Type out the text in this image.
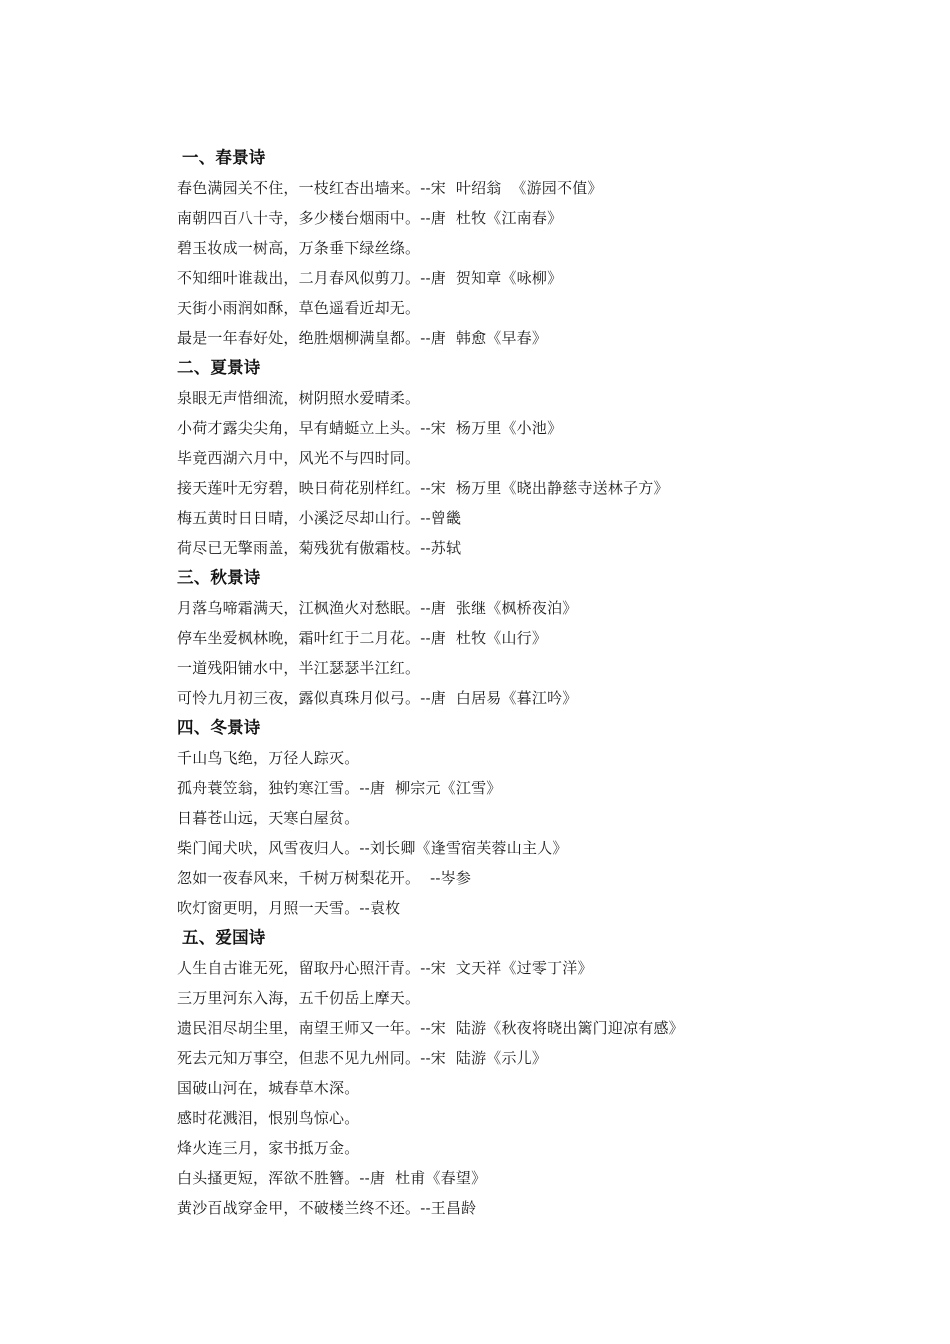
一、春景诗
春色满园关不住，一枝红杏出墙来。--宋  叶绍翁  《游园不值》
南朝四百八十寺，多少楼台烟雨中。--唐  杜牧《江南春》
碧玉妆成一树高，万条垂下绿丝绦。
不知细叶谁裁出，二月春风似剪刀。--唐  贺知章《咏柳》
天街小雨润如酥，草色遥看近却无。
最是一年春好处，绝胜烟柳满皇都。--唐  韩愈《早春》
二、夏景诗
泉眼无声惜细流，树阴照水爱晴柔。
小荷才露尖尖角，早有蜻蜓立上头。--宋  杨万里《小池》
毕竟西湖六月中，风光不与四时同。
接天莲叶无穷碧，映日荷花别样红。--宋  杨万里《晓出静慈寺送林子方》
梅五黄时日日晴，小溪泛尽却山行。--曾畿
荷尽已无擎雨盖，菊残犹有傲霜枝。--苏轼
三、秋景诗
月落乌啼霜满天，江枫渔火对愁眠。--唐  张继《枫桥夜泊》
停车坐爱枫林晚，霜叶红于二月花。--唐  杜牧《山行》
一道残阳铺水中，半江瑟瑟半江红。
可怜九月初三夜，露似真珠月似弓。--唐  白居易《暮江吟》
四、冬景诗
千山鸟飞绝，万径人踪灭。
孤舟蓑笠翁，独钓寒江雪。--唐  柳宗元《江雪》
日暮苍山远，天寒白屋贫。
柴门闻犬吠，风雪夜归人。--刘长卿《逢雪宿芙蓉山主人》
忽如一夜春风来，千树万树梨花开。  --岑参
吹灯窗更明，月照一天雪。--袁枚
五、爱国诗
人生自古谁无死，留取丹心照汗青。--宋  文天祥《过零丁洋》
三万里河东入海，五千仞岳上摩天。
遗民泪尽胡尘里，南望王师又一年。--宋  陆游《秋夜将晓出篱门迎凉有感》
死去元知万事空，但悲不见九州同。--宋  陆游《示儿》
国破山河在，城春草木深。
感时花溅泪，恨别鸟惊心。
烽火连三月，家书抵万金。
白头搔更短，浑欲不胜簪。--唐  杜甫《春望》
黄沙百战穿金甲，不破楼兰终不还。--王昌龄
